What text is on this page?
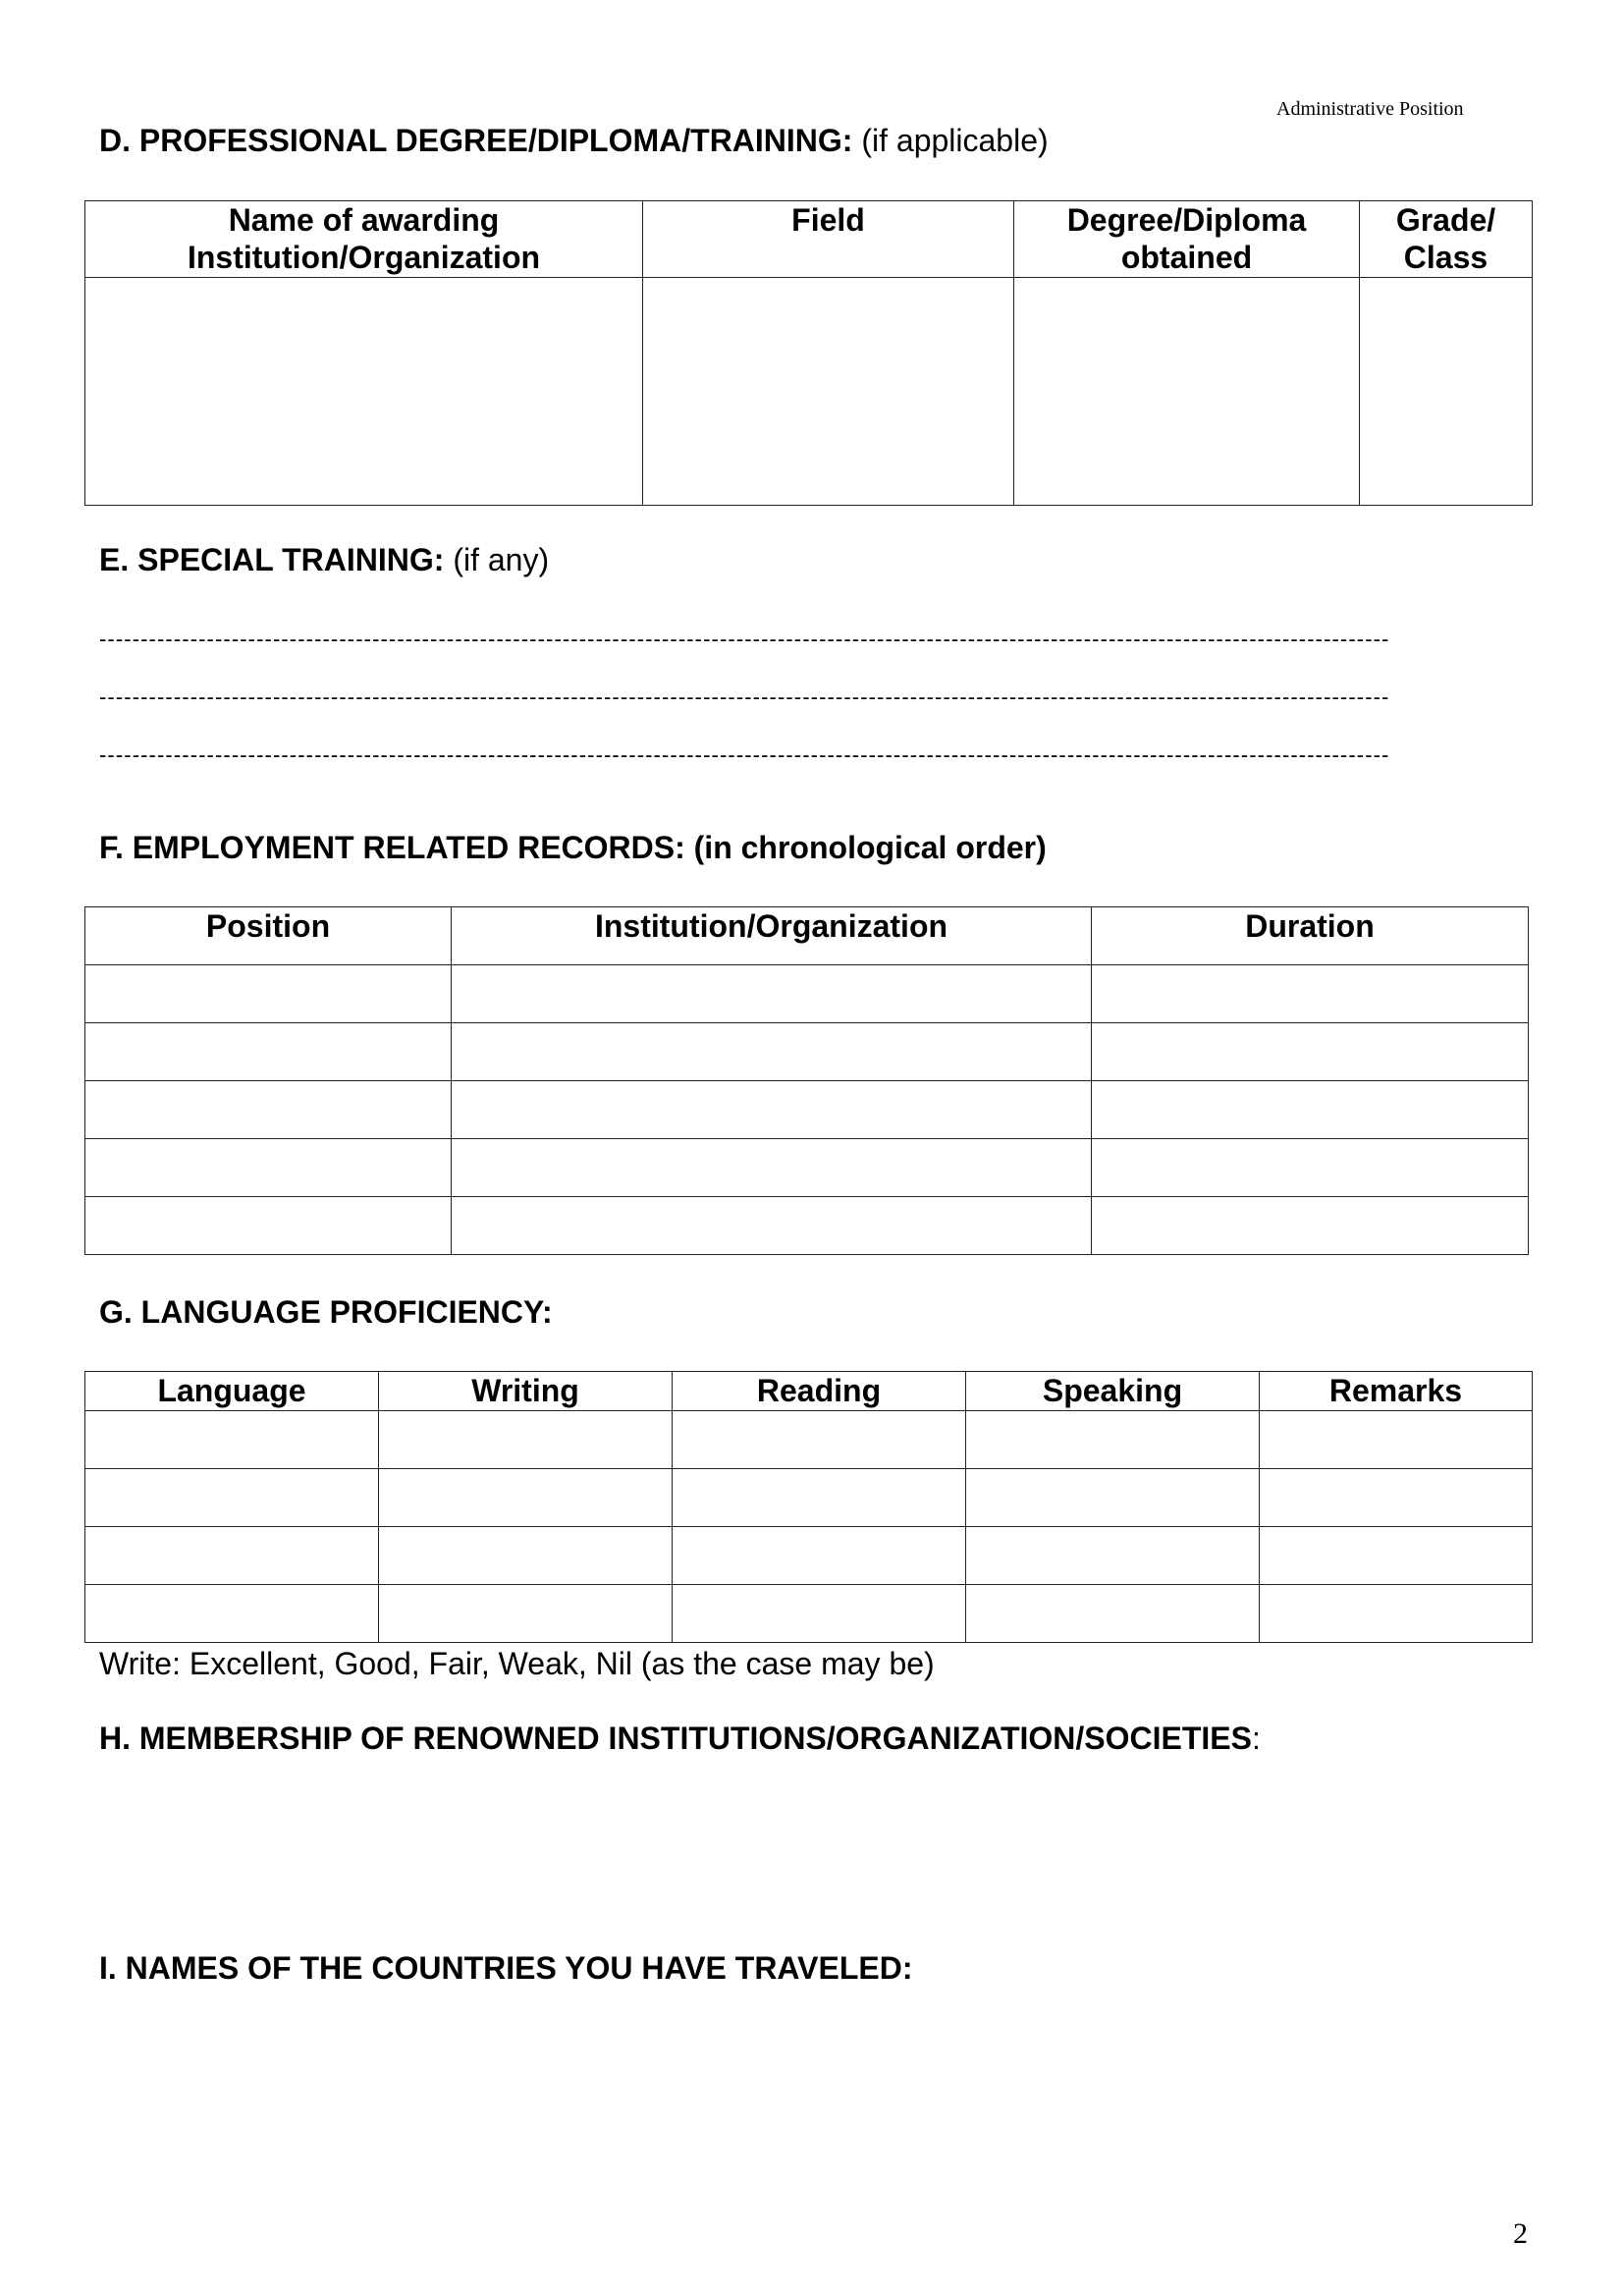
Administrative Position
D. PROFESSIONAL DEGREE/DIPLOMA/TRAINING: (if applicable)
Name of awarding Institution/Organization	Field	Degree/Diploma obtained	Grade/ Class

E. SPECIAL TRAINING: (if any)
------------------------------------------------------------------------------------------------------------------------------------------------------------
------------------------------------------------------------------------------------------------------------------------------------------------------------
------------------------------------------------------------------------------------------------------------------------------------------------------------
F. EMPLOYMENT RELATED RECORDS: (in chronological order)
Position	Institution/Organization	Duration

G. LANGUAGE PROFICIENCY:
Language	Writing	Reading	Speaking	Remarks

Write: Excellent, Good, Fair, Weak, Nil (as the case may be)
H. MEMBERSHIP OF RENOWNED INSTITUTIONS/ORGANIZATION/SOCIETIES:
I. NAMES OF THE COUNTRIES YOU HAVE TRAVELED:
2
